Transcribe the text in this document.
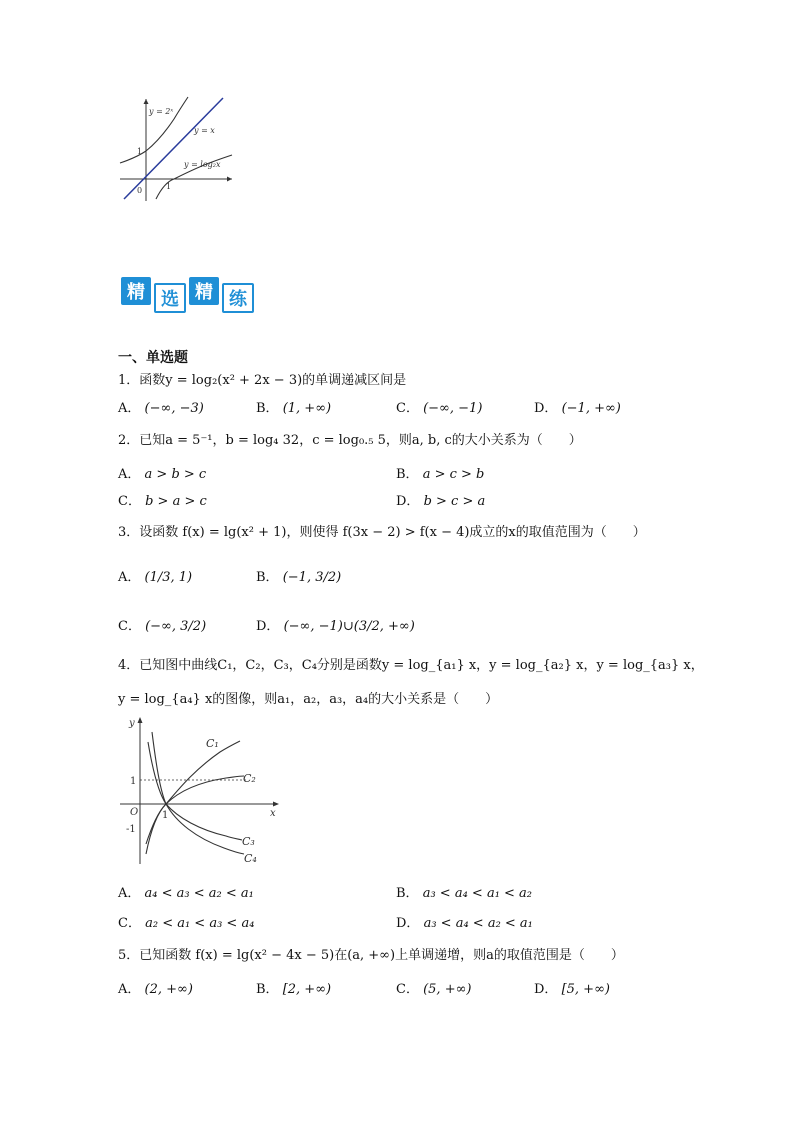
y = 2ˣ
y = x
y = log₂x
1
1
0
精 选 精 练
一、单选题
1．函数y = log₂(x² + 2x − 3)的单调递减区间是
A． (−∞, −3)	B． (1, +∞)	C． (−∞, −1)	D． (−1, +∞)
2．已知a = 5⁻¹，b = log₄ 32，c = log₀.₅ 5，则a, b, c的大小关系为（　　）
A． a > b > c	B． a > c > b
C． b > a > c	D． b > c > a
3．设函数 f(x) = lg(x² + 1)，则使得 f(3x − 2) > f(x − 4)成立的x的取值范围为（　　）
A． (1/3, 1)	B． (−1, 3/2)
C． (−∞, 3/2)	D． (−∞, −1)∪(3/2, +∞)
4．已知图中曲线C₁，C₂，C₃，C₄分别是函数y = log_{a₁} x，y = log_{a₂} x，y = log_{a₃} x，
y = log_{a₄} x的图像，则a₁，a₂，a₃，a₄的大小关系是（　　）
y
x
O
1
-1
1
C₁
C₂
C₃
C₄
A． a₄ < a₃ < a₂ < a₁	B． a₃ < a₄ < a₁ < a₂
C． a₂ < a₁ < a₃ < a₄	D． a₃ < a₄ < a₂ < a₁
5．已知函数 f(x) = lg(x² − 4x − 5)在(a, +∞)上单调递增，则a的取值范围是（　　）
A． (2, +∞)	B． [2, +∞)	C． (5, +∞)	D． [5, +∞)
